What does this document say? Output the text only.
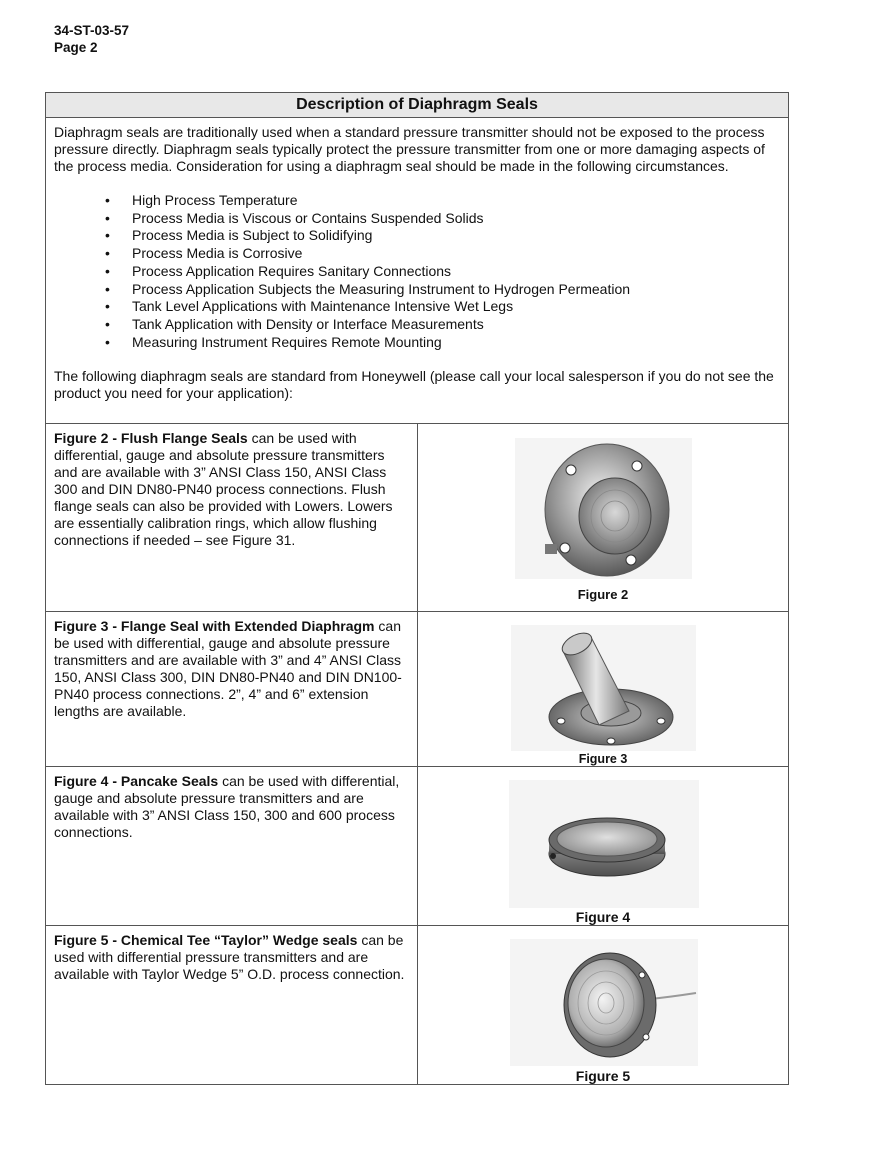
34-ST-03-57
Page 2
Description of Diaphragm Seals

Diaphragm seals are traditionally used when a standard pressure transmitter should not be exposed to the process pressure directly. Diaphragm seals typically protect the pressure transmitter from one or more damaging aspects of the process media. Consideration for using a diaphragm seal should be made in the following circumstances.

• High Process Temperature
• Process Media is Viscous or Contains Suspended Solids
• Process Media is Subject to Solidifying
• Process Media is Corrosive
• Process Application Requires Sanitary Connections
• Process Application Subjects the Measuring Instrument to Hydrogen Permeation
• Tank Level Applications with Maintenance Intensive Wet Legs
• Tank Application with Density or Interface Measurements
• Measuring Instrument Requires Remote Mounting

The following diaphragm seals are standard from Honeywell (please call your local salesperson if you do not see the product you need for your application):

Figure 2 - Flush Flange Seals can be used with differential, gauge and absolute pressure transmitters and are available with 3” ANSI Class 150, ANSI Class 300 and DIN DN80-PN40 process connections. Flush flange seals can also be provided with Lowers. Lowers are essentially calibration rings, which allow flushing connections if needed – see Figure 31.
Figure 2
Figure 3 - Flange Seal with Extended Diaphragm can be used with differential, gauge and absolute pressure transmitters and are available with 3” and 4” ANSI Class 150, ANSI Class 300, DIN DN80-PN40 and DIN DN100-PN40 process connections. 2”, 4” and 6” extension lengths are available.
Figure 3
Figure 4 - Pancake Seals can be used with differential, gauge and absolute pressure transmitters and are available with 3” ANSI Class 150, 300 and 600 process connections.
Figure 4
Figure 5 - Chemical Tee “Taylor” Wedge seals can be used with differential pressure transmitters and are available with Taylor Wedge 5” O.D. process connection.
Figure 5
